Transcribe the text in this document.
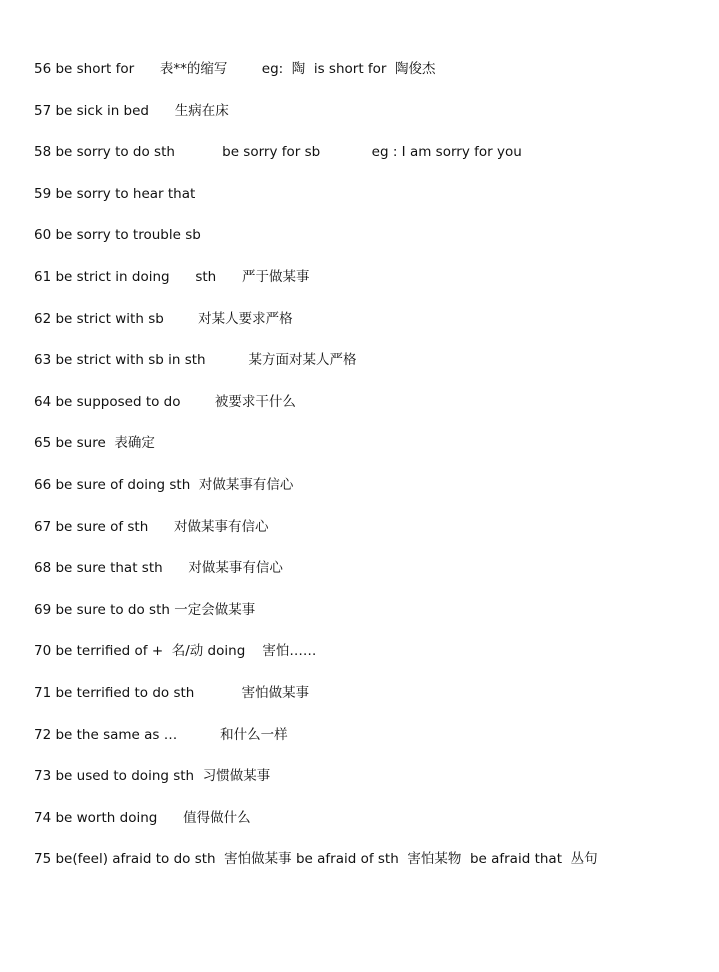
56 be short for      表**的缩写        eg:  陶  is short for  陶俊杰
57 be sick in bed      生病在床
58 be sorry to do sth           be sorry for sb            eg : I am sorry for you
59 be sorry to hear that
60 be sorry to trouble sb
61 be strict in doing      sth      严于做某事
62 be strict with sb        对某人要求严格
63 be strict with sb in sth          某方面对某人严格
64 be supposed to do        被要求干什么
65 be sure  表确定
66 be sure of doing sth  对做某事有信心
67 be sure of sth      对做某事有信心
68 be sure that sth      对做某事有信心
69 be sure to do sth 一定会做某事
70 be terrified of +  名/动 doing    害怕……
71 be terrified to do sth           害怕做某事
72 be the same as …          和什么一样
73 be used to doing sth  习惯做某事
74 be worth doing      值得做什么
75 be(feel) afraid to do sth  害怕做某事 be afraid of sth  害怕某物  be afraid that  丛句
